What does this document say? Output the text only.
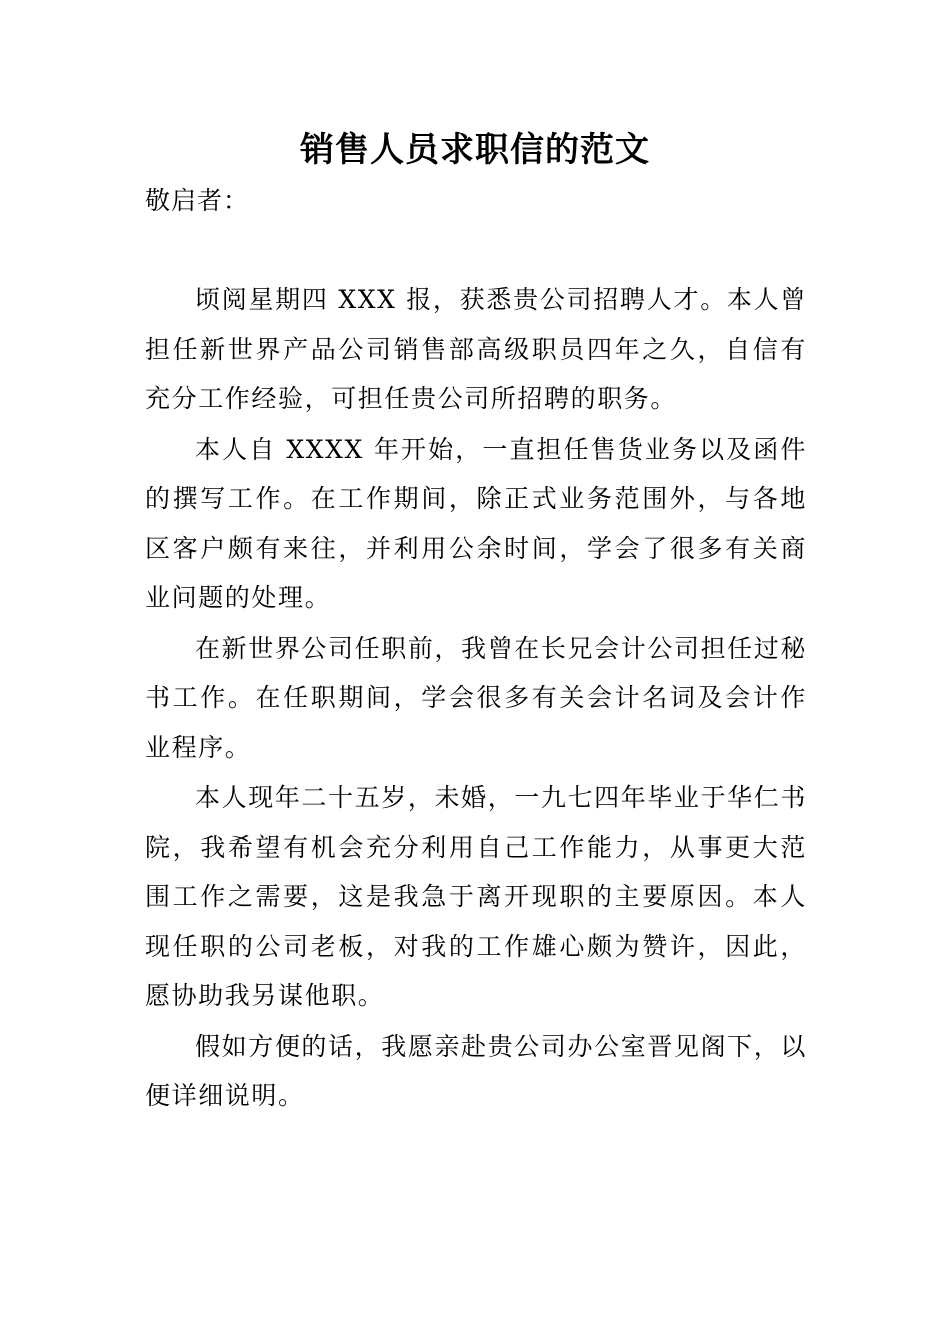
销售人员求职信的范文

敬启者：

顷阅星期四 XXX 报，获悉贵公司招聘人才。本人曾担任新世界产品公司销售部高级职员四年之久，自信有充分工作经验，可担任贵公司所招聘的职务。

本人自 XXXX 年开始，一直担任售货业务以及函件的撰写工作。在工作期间，除正式业务范围外，与各地区客户颇有来往，并利用公余时间，学会了很多有关商业问题的处理。

在新世界公司任职前，我曾在长兄会计公司担任过秘书工作。在任职期间，学会很多有关会计名词及会计作业程序。

本人现年二十五岁，未婚，一九七四年毕业于华仁书院，我希望有机会充分利用自己工作能力，从事更大范围工作之需要，这是我急于离开现职的主要原因。本人现任职的公司老板，对我的工作雄心颇为赞许，因此，愿协助我另谋他职。

假如方便的话，我愿亲赴贵公司办公室晋见阁下，以便详细说明。
